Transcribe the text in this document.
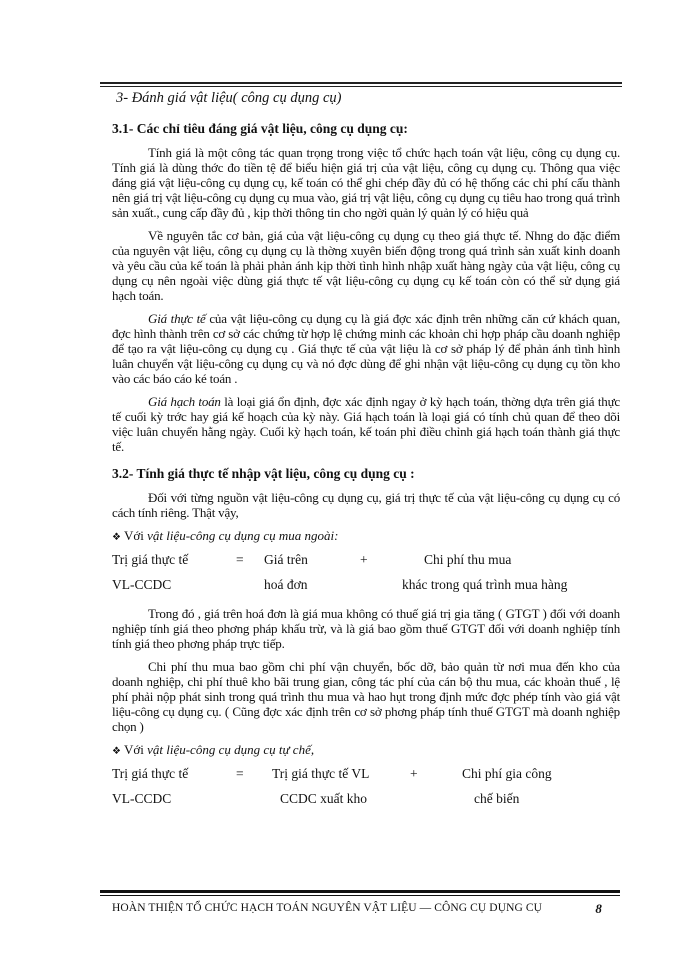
3- Đánh giá vật liệu( công cụ dụng cụ)
3.1- Các chỉ tiêu đáng giá vật liệu, công cụ dụng cụ:

Tính giá là một công tác quan trọng trong việc tổ chức hạch toán vật liệu, công cụ dụng cụ. Tính giá là dùng thớc đo tiền tệ để biểu hiện giá trị của vật liệu, công cụ dụng cụ. Thông qua việc đáng giá vật liệu-công cụ dụng cụ, kế toán có thể ghi chép đầy đủ có hệ thống các chi phí cấu thành nên giá trị vật liệu-công cụ dụng cụ mua vào, giá trị vật liệu, công cụ dụng cụ tiêu hao trong quá trình sản xuất., cung cấp đầy đủ , kịp thời thông tin cho ngời quản lý quản lý có hiệu quả

Về nguyên tắc cơ bản, giá của vật liệu-công cụ dụng cụ theo giá thực tế. Nhng do đặc điểm của nguyên vật liệu, công cụ dụng cụ là thờng xuyên biến động trong quá trình sản xuất kinh doanh và yêu cầu của kế toán là phải phản ánh kịp thời tình hình nhập xuất hàng ngày của vật liệu, công cụ dụng cụ nên ngoài việc dùng giá thực tế vật liệu-công cụ dụng cụ kế toán còn có thể sử dụng giá hạch toán.

Giá thực tế của vật liệu-công cụ dụng cụ là giá đợc xác định trên những căn cứ khách quan, đợc hình thành trên cơ sở các chứng từ hợp lệ chứng minh các khoản chi hợp pháp cầu doanh nghiệp để tạo ra vật liệu-công cụ dụng cụ . Giá thực tế của vật liệu là cơ sở pháp lý để phản ánh tình hình luân chuyển vật liệu-công cụ dụng cụ và nó đợc dùng để ghi nhận vật liệu-công cụ dụng cụ tồn kho vào các báo cáo ké toán .

Giá hạch toán là loại giá ổn định, đợc xác định ngay ở kỳ hạch toán, thờng dựa trên giá thực tế cuối kỳ trớc hay giá kế hoạch của kỳ này. Giá hạch toán là loại giá có tính chủ quan để theo dõi việc luân chuyển hằng ngày. Cuối kỳ hạch toán, kế toán phỉ điều chỉnh giá hạch toán thành giá thực tế.

3.2- Tính giá thực tế nhập vật liệu, công cụ dụng cụ :

Đối với từng nguồn vật liệu-công cụ dụng cụ, giá trị thực tế của vật liệu-công cụ dụng cụ có cách tính riêng. Thật vậy,

❖ Với vật liệu-công cụ dụng cụ mua ngoài:
Trị giá thực tế	= Giá trên	+	Chi phí thu mua
VL-CCDC	hoá đơn	khác trong quá trình mua hàng

Trong đó , giá trên hoá đơn là giá mua không có thuế giá trị gia tăng ( GTGT ) đối với doanh nghiệp tính giá theo phơng pháp khấu trừ, và là giá bao gồm thuế GTGT đối với doanh nghiệp tính tính giá theo phơng pháp trực tiếp.

Chi phí thu mua bao gồm chi phí vận chuyển, bốc dỡ, bảo quản từ nơi mua đến kho của doanh nghiệp, chi phí thuê kho bãi trung gian, công tác phí của cán bộ thu mua, các khoản thuế , lệ phí phải nộp phát sinh trong quá trình thu mua và hao hụt trong định mức đợc phép tính vào giá vật liệu-công cụ dụng cụ. ( Cũng đợc xác định trên cơ sở phơng pháp tính thuế GTGT mà doanh nghiệp chọn )

❖ Với vật liệu-công cụ dụng cụ tự chế,
Trị giá thực tế	= Trị giá thực tế VL	+	Chi phí gia công
VL-CCDC	CCDC xuất kho	chế biến
HOÀN THIỆN TỔ CHỨC HẠCH TOÁN NGUYÊN VẬT LIỆU — CÔNG CỤ DỤNG CỤ	8
